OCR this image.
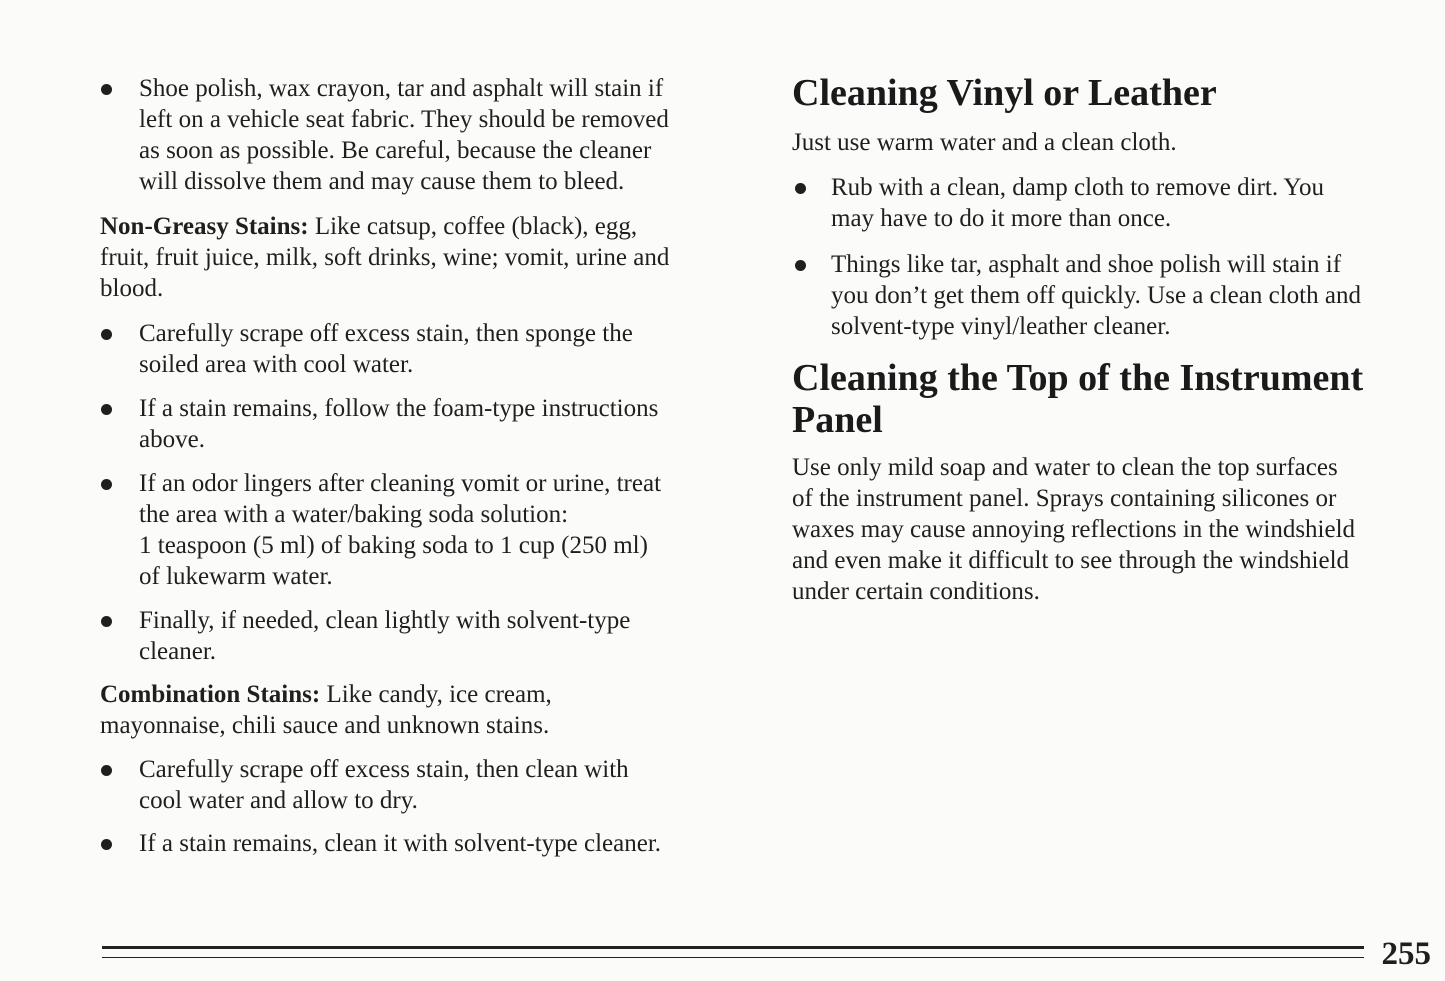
Shoe polish, wax crayon, tar and asphalt will stain if
left on a vehicle seat fabric. They should be removed
as soon as possible. Be careful, because the cleaner
will dissolve them and may cause them to bleed.
Non-Greasy Stains: Like catsup, coffee (black), egg,
fruit, fruit juice, milk, soft drinks, wine; vomit, urine and
blood.
Carefully scrape off excess stain, then sponge the
soiled area with cool water.
If a stain remains, follow the foam-type instructions
above.
If an odor lingers after cleaning vomit or urine, treat
the area with a water/baking soda solution:
1 teaspoon (5 ml) of baking soda to 1 cup (250 ml)
of lukewarm water.
Finally, if needed, clean lightly with solvent-type
cleaner.
Combination Stains: Like candy, ice cream,
mayonnaise, chili sauce and unknown stains.
Carefully scrape off excess stain, then clean with
cool water and allow to dry.
If a stain remains, clean it with solvent-type cleaner.
Cleaning Vinyl or Leather
Just use warm water and a clean cloth.
Rub with a clean, damp cloth to remove dirt. You
may have to do it more than once.
Things like tar, asphalt and shoe polish will stain if
you don’t get them off quickly. Use a clean cloth and
solvent-type vinyl/leather cleaner.
Cleaning the Top of the Instrument
Panel
Use only mild soap and water to clean the top surfaces
of the instrument panel. Sprays containing silicones or
waxes may cause annoying reflections in the windshield
and even make it difficult to see through the windshield
under certain conditions.
255
